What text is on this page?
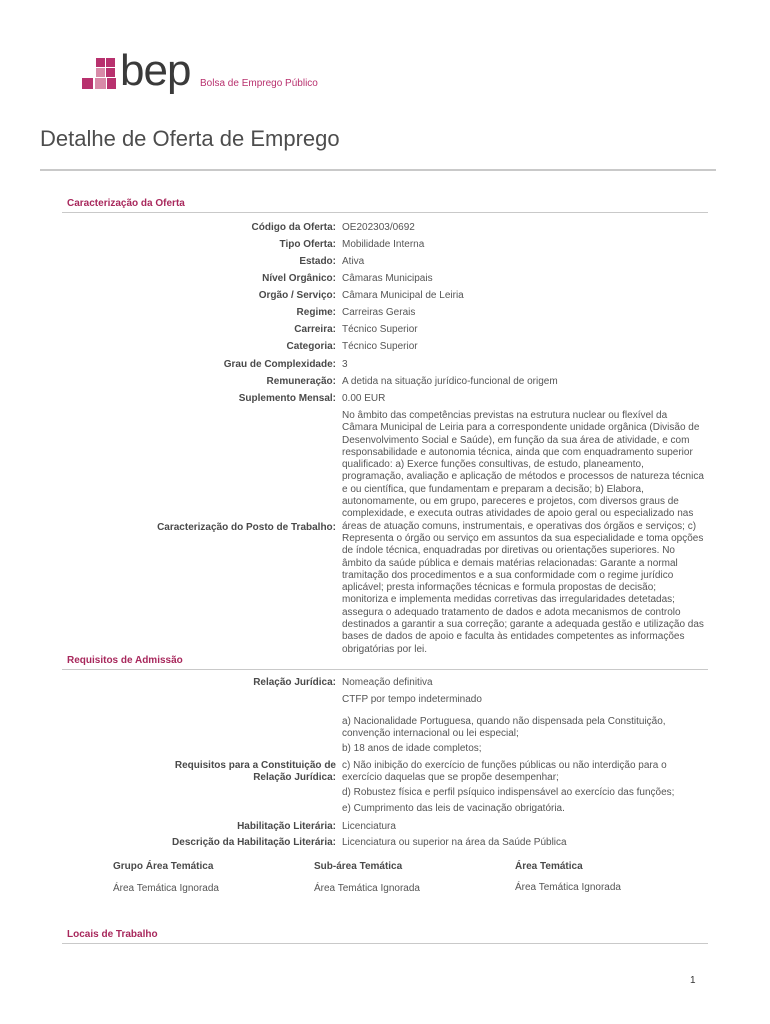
bep Bolsa de Emprego Público
Detalhe de Oferta de Emprego
Caracterização da Oferta
Código da Oferta: OE202303/0692
Tipo Oferta: Mobilidade Interna
Estado: Ativa
Nível Orgânico: Câmaras Municipais
Orgão / Serviço: Câmara Municipal de Leiria
Regime: Carreiras Gerais
Carreira: Técnico Superior
Categoria: Técnico Superior
Grau de Complexidade: 3
Remuneração: A detida na situação jurídico-funcional de origem
Suplemento Mensal: 0.00 EUR
Caracterização do Posto de Trabalho:
No âmbito das competências previstas na estrutura nuclear ou flexível da
Câmara Municipal de Leiria para a correspondente unidade orgânica (Divisão de
Desenvolvimento Social e Saúde), em função da sua área de atividade, e com
responsabilidade e autonomia técnica, ainda que com enquadramento superior
qualificado: a) Exerce funções consultivas, de estudo, planeamento,
programação, avaliação e aplicação de métodos e processos de natureza técnica
e ou científica, que fundamentam e preparam a decisão; b) Elabora,
autonomamente, ou em grupo, pareceres e projetos, com diversos graus de
complexidade, e executa outras atividades de apoio geral ou especializado nas
áreas de atuação comuns, instrumentais, e operativas dos órgãos e serviços; c)
Representa o órgão ou serviço em assuntos da sua especialidade e toma opções
de índole técnica, enquadradas por diretivas ou orientações superiores. No
âmbito da saúde pública e demais matérias relacionadas: Garante a normal
tramitação dos procedimentos e a sua conformidade com o regime jurídico
aplicável; presta informações técnicas e formula propostas de decisão;
monitoriza e implementa medidas corretivas das irregularidades detetadas;
assegura o adequado tratamento de dados e adota mecanismos de controlo
destinados a garantir a sua correção; garante a adequada gestão e utilização das
bases de dados de apoio e faculta às entidades competentes as informações
obrigatórias por lei.
Requisitos de Admissão
Relação Jurídica: Nomeação definitiva
CTFP por tempo indeterminado
Requisitos para a Constituição de
Relação Jurídica:
a) Nacionalidade Portuguesa, quando não dispensada pela Constituição,
convenção internacional ou lei especial;
b) 18 anos de idade completos;
c) Não inibição do exercício de funções públicas ou não interdição para o
exercício daquelas que se propõe desempenhar;
d) Robustez física e perfil psíquico indispensável ao exercício das funções;
e) Cumprimento das leis de vacinação obrigatória.
Habilitação Literária: Licenciatura
Descrição da Habilitação Literária: Licenciatura ou superior na área da Saúde Pública
Grupo Área Temática	Sub-área Temática	Área Temática
Área Temática Ignorada	Área Temática Ignorada	Área Temática Ignorada
Locais de Trabalho
1
